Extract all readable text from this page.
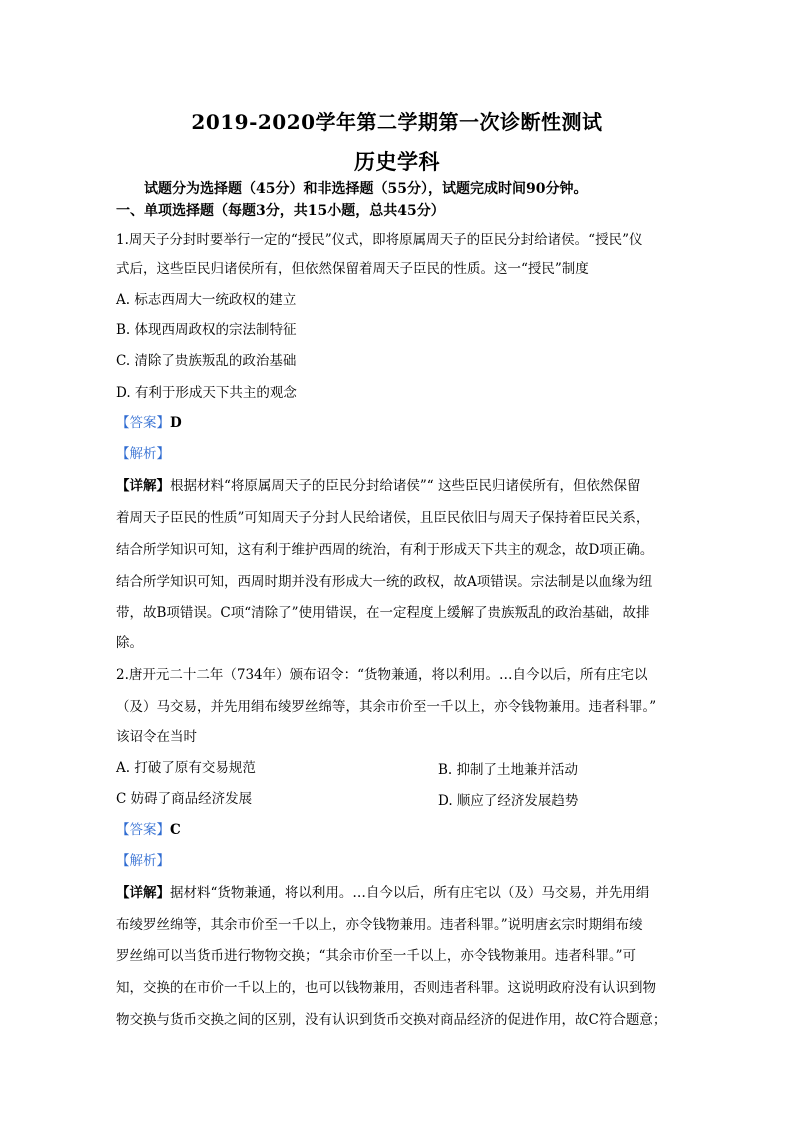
2019-2020学年第二学期第一次诊断性测试
历史学科
试题分为选择题（45分）和非选择题（55分），试题完成时间90分钟。
一、单项选择题（每题3分，共15小题，总共45分）
1.周天子分封时要举行一定的“授民”仪式，即将原属周天子的臣民分封给诸侯。“授民”仪
式后，这些臣民归诸侯所有，但依然保留着周天子臣民的性质。这一“授民”制度
A. 标志西周大一统政权的建立
B. 体现西周政权的宗法制特征
C. 清除了贵族叛乱的政治基础
D. 有利于形成天下共主的观念
【答案】D
【解析】
【详解】根据材料“将原属周天子的臣民分封给诸侯”“ 这些臣民归诸侯所有，但依然保留
着周天子臣民的性质”可知周天子分封人民给诸侯，且臣民依旧与周天子保持着臣民关系，
结合所学知识可知，这有利于维护西周的统治，有利于形成天下共主的观念，故D项正确。
结合所学知识可知，西周时期并没有形成大一统的政权，故A项错误。宗法制是以血缘为纽
带，故B项错误。C项“清除了”使用错误，在一定程度上缓解了贵族叛乱的政治基础，故排
除。
2.唐开元二十二年（734年）颁布诏令：“货物兼通，将以利用。…自今以后，所有庄宅以
（及）马交易，并先用绢布绫罗丝绵等，其余市价至一千以上，亦令钱物兼用。违者科罪。”
该诏令在当时
A. 打破了原有交易规范	B. 抑制了土地兼并活动
C 妨碍了商品经济发展	D. 顺应了经济发展趋势
【答案】C
【解析】
【详解】据材料“货物兼通，将以利用。…自今以后，所有庄宅以（及）马交易，并先用绢
布绫罗丝绵等，其余市价至一千以上，亦令钱物兼用。违者科罪。”说明唐玄宗时期绢布绫
罗丝绵可以当货币进行物物交换；“其余市价至一千以上，亦令钱物兼用。违者科罪。”可
知，交换的在市价一千以上的，也可以钱物兼用，否则违者科罪。这说明政府没有认识到物
物交换与货币交换之间的区别，没有认识到货币交换对商品经济的促进作用，故C符合题意；
